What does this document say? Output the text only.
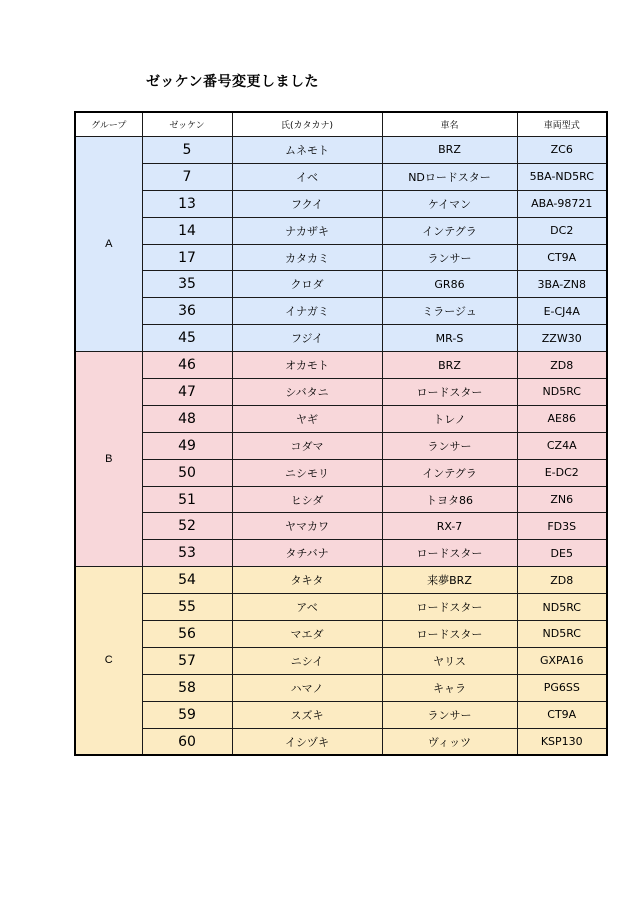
ゼッケン番号変更しました
グループ	ゼッケン	氏(カタカナ)	車名	車両型式
A	5	ムネモト	BRZ	ZC6
	7	イベ	NDロードスター	5BA-ND5RC
	13	フクイ	ケイマン	ABA-98721
	14	ナカザキ	インテグラ	DC2
	17	カタカミ	ランサー	CT9A
	35	クロダ	GR86	3BA-ZN8
	36	イナガミ	ミラージュ	E-CJ4A
	45	フジイ	MR-S	ZZW30
B	46	オカモト	BRZ	ZD8
	47	シバタニ	ロードスター	ND5RC
	48	ヤギ	トレノ	AE86
	49	コダマ	ランサー	CZ4A
	50	ニシモリ	インテグラ	E-DC2
	51	ヒシダ	トヨタ86	ZN6
	52	ヤマカワ	RX-7	FD3S
	53	タチバナ	ロードスター	DE5
C	54	タキタ	来夢BRZ	ZD8
	55	アベ	ロードスター	ND5RC
	56	マエダ	ロードスター	ND5RC
	57	ニシイ	ヤリス	GXPA16
	58	ハマノ	キャラ	PG6SS
	59	スズキ	ランサー	CT9A
	60	イシヅキ	ヴィッツ	KSP130
